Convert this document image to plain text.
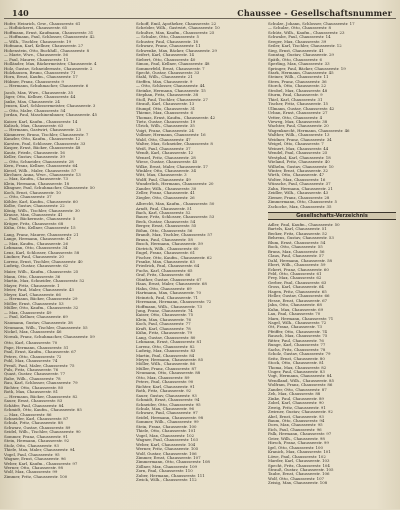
140	Chaussee - Gesellschaftsnummer
Hofer, Heinrich, Gew., Chausseestr. 61
— Hofbäckerei, Chausseestr. 65
Hoffmann, Ernst, Kaufmann, Chausseestr. 31
— Hoffmann, Paul, Schlosser, Chausseestr. 42
— Wilh., Tischler, Chausseestr. 19
Hofmann, Karl, Kellner, Chausseestr. 27
Hohenstein, Otto, Buchhdl., Chausseestr. 8
— Marie, Wwe., Chausseestr. 56
— Paul, Maurer, Chausseestr. 11
Holländer, Max, Bäckermeister, Chausseestr. 4
Holz, Gustav, Schneidermstr., Chausseestr. 2
Holzhausen, Bruno, Chausseestr. 71
Horn, Ernst, Kaufm., Chausseestr. 17
Hübner, Franz, Chausseestr. 9
— Hermann, Schuhmacher, Chausseestr. 6
Jacob, Max, Wwe., Chausseestr. 35
Jäger, Otto, Kellner, Chausseestr. 44
Janke, Max, Chausseestr. 24
Jensen, Karl, Schlossermeister, Chausseestr. 3
— Otto, Maler, Chausseestr. 54
Jordan, Paul, Maschinenbauer, Chausseestr. 45
Kaiser, Karl, Kaufm., Chausseestr. 14
Kalisch, Max, Chausseestr. 63
— Hermann, Gastwirt, Chausseestr. 23
Kämmerer, Bruno, Tischler, Chausseestr. 7
Kanzler, Otto, Kaufm., Chausseestr. 12
Karsten, Paul, Schlosser, Chausseestr. 33
Kasper, Ernst, Bäcker, Chausseestr. 48
Kautz, Friedr., Chausseestr. 16
Keller, Gustav, Chausseestr. 39
— Otto, Schneider, Chausseestr. 28
Kern, Franz, Kellner, Chausseestr. 64
Kiesel, Wilh., Maler, Chausseestr. 57
Kirchner, Anna, Wwe., Chausseestr. 13
— Max, Kaufm., Chausseestr. 73
Klein, Hermann, Chausseestr. 18
Klingner, Paul, Schuhmacher, Chausseestr. 50
Koch, Ernst, Chausseestr. 10
— Otto, Chausseestr. 37
Köhler, Karl, Kaufm., Chausseestr. 60
Kolbe, Gustav, Chausseestr. 22
König, Wilh., Tischler, Chausseestr. 30
Krause, Max, Chausseestr. 41
— Paul, Bäckermstr., Chausseestr. 5
Krüger, Fritz, Chausseestr. 68
Kühn, Otto, Kellner, Chausseestr. 15
Lang, Franz, Maurer, Chausseestr. 21
Lange, Hermann, Chausseestr. 47
— Max, Kaufm., Chausseestr. 26
Lehmann, Otto, Chausseestr. 34
Lenz, Karl, Schlosser, Chausseestr. 58
Lindner, Paul, Chausseestr. 20
Lorenz, Ernst, Tischler, Chausseestr. 40
Ludwig, Gustav, Chausseestr. 62
Maier, Wilh., Kaufm., Chausseestr. 25
Mann, Otto, Chausseestr. 36
Martin, Max, Schneider, Chausseestr. 52
Mayer, Fritz, Chausseestr. 1
Meier, Paul, Maler, Chausseestr. 43
Meyer, Karl, Chausseestr. 66
— Hermann, Bäcker, Chausseestr. 29
Möller, Ernst, Chausseestr. 53
Müller, Otto, Kaufm., Chausseestr. 32
— Max, Chausseestr. 49
— Paul, Kellner, Chausseestr. 69
Naumann, Gustav, Chausseestr. 38
Neumann, Wilh., Tischler, Chausseestr. 55
Nickel, Max, Chausseestr. 46
Nowak, Franz, Schuhmacher, Chausseestr. 59
Otto, Karl, Chausseestr. 70
Pape, Hermann, Chausseestr. 51
Paul, Ernst, Kaufm., Chausseestr. 67
Peters, Otto, Chausseestr. 72
Pohl, Max, Chausseestr. 74
Preuß, Paul, Maler, Chausseestr. 75
Puls, Fritz, Chausseestr. 76
Quast, Gustav, Chausseestr. 77
Rabe, Wilh., Chausseestr. 78
Rau, Karl, Schlosser, Chausseestr. 79
Richter, Otto, Chausseestr. 80
Roth, Max, Chausseestr. 81
— Hermann, Bäcker, Chausseestr. 82
Sauer, Ernst, Chausseestr. 83
Schäfer, Paul, Chausseestr. 84
Schmidt, Otto, Kaufm., Chausseestr. 85
— Max, Chausseestr. 86
Schneider, Karl, Chausseestr. 87
Schulz, Fritz, Chausseestr. 88
Schwarz, Gustav, Chausseestr. 89
Seidel, Wilh., Tischler, Chausseestr. 90
Sommer, Franz, Chausseestr. 91
Stein, Hermann, Chausseestr. 92
Stolz, Otto, Chausseestr. 93
Thiele, Max, Maler, Chausseestr. 94
Vogel, Paul, Chausseestr. 95
Wagner, Ernst, Chausseestr. 96
Weber, Karl, Kaufm., Chausseestr. 97
Werner, Otto, Chausseestr. 98
Wolf, Max, Chausseestr. 99
Zimmer, Fritz, Chausseestr. 100
Schoff, Emil, Apotheker, Chausseestr. 22
Schröder, Wilh., Gastwirt, Chausseestr. 10
Schultze, Max, Kaufm., Chausseestr. 25
— Schulze, Otto, Chausseestr. 5
Schuster, Paul, Chausseestr. 18
Schwarz, Franz, Chausseestr. 11
Schwenke, Max, Bäcker, Chausseestr. 29
Seifert, Karl, Chausseestr. 14
Siebert, Otto, Chausseestr. 40
Simon, Paul, Kellner, Chausseestr. 48
Sommerfeld, Ernst, Chausseestr. 7
Specht, Gustav, Chausseestr. 33
Stahl, Wilh., Chausseestr. 21
Steffen, Max, Chausseestr. 9
— Otto, Schlosser, Chausseestr. 44
Steinke, Hermann, Chausseestr. 15
Stephan, Fritz, Chausseestr. 38
Stoll, Paul, Tischler, Chausseestr. 27
Strauß, Karl, Chausseestr. 13
Stumpf, Otto, Chausseestr. 31
Thieme, Max, Chausseestr. 6
Thomas, Ernst, Kaufm., Chausseestr. 42
Tietz, Gustav, Chausseestr. 19
Ulrich, Wilh., Chausseestr. 35
Voigt, Franz, Chausseestr. 24
Vollmer, Hermann, Chausseestr. 16
Wald, Otto, Chausseestr. 47
Walter, Max, Schneider, Chausseestr. 8
Weiß, Paul, Chausseestr. 37
Wendt, Karl, Chausseestr. 12
Wenzel, Fritz, Chausseestr. 28
Wiese, Gustav, Chausseestr. 45
Wilke, Ernst, Maler, Chausseestr. 17
Winkler, Otto, Chausseestr. 34
Witt, Max, Chausseestr. 3
Wolff, Paul, Chausseestr. 49
Wunderlich, Hermann, Chausseestr. 20
Zander, Wilh., Chausseestr. 30
Zeller, Franz, Chausseestr. 41
Ziegler, Otto, Chausseestr. 26
Albrecht, Max, Kaufm., Chausseestr. 50
Arndt, Paul, Chausseestr. 51
Bach, Karl, Chausseestr. 52
Bauer, Fritz, Schlosser, Chausseestr. 53
Beck, Gustav, Chausseestr. 54
Berger, Ernst, Chausseestr. 55
Böhm, Otto, Chausseestr. 56
Brandt, Max, Tischler, Chausseestr. 57
Braun, Paul, Chausseestr. 58
Busch, Hermann, Chausseestr. 59
Dietrich, Wilh., Chausseestr. 60
Engel, Franz, Chausseestr. 61
Fischer, Otto, Kaufm., Chausseestr. 62
Franke, Max, Chausseestr. 63
Friedrich, Paul, Chausseestr. 64
Fuchs, Karl, Chausseestr. 65
Graf, Fritz, Chausseestr. 66
Günther, Gustav, Chausseestr. 67
Haas, Ernst, Maler, Chausseestr. 68
Hahn, Otto, Chausseestr. 69
Hartmann, Max, Chausseestr. 70
Heinrich, Paul, Chausseestr. 71
Herrmann, Hermann, Chausseestr. 72
Hoffmann, Wilh., Chausseestr. 73
Jung, Franz, Chausseestr. 74
Kaiser, Otto, Chausseestr. 75
Klein, Max, Chausseestr. 76
Koch, Paul, Chausseestr. 77
Kraft, Karl, Chausseestr. 78
Kühn, Fritz, Chausseestr. 79
Lang, Gustav, Chausseestr. 80
Lehmann, Ernst, Chausseestr. 81
Lorenz, Otto, Chausseestr. 82
Ludwig, Max, Chausseestr. 83
Martin, Paul, Chausseestr. 84
Meyer, Hermann, Chausseestr. 85
Möller, Wilh., Chausseestr. 86
Müller, Franz, Chausseestr. 87
Neumann, Otto, Chausseestr. 88
Otto, Max, Chausseestr. 89
Peters, Paul, Chausseestr. 90
Richter, Karl, Chausseestr. 91
Roth, Fritz, Chausseestr. 92
Sauer, Gustav, Chausseestr. 93
Schmidt, Ernst, Chausseestr. 94
Schneider, Otto, Chausseestr. 95
Schulz, Max, Chausseestr. 96
Schwarz, Paul, Chausseestr. 97
Seidel, Hermann, Chausseestr. 98
Sommer, Wilh., Chausseestr. 99
Stein, Franz, Chausseestr. 100
Thiele, Otto, Chausseestr. 101
Vogel, Max, Chausseestr. 102
Wagner, Paul, Chausseestr. 103
Weber, Karl, Chausseestr. 104
Werner, Fritz, Chausseestr. 105
Wolf, Gustav, Chausseestr. 106
Zimmer, Ernst, Chausseestr. 107
Zimmermann, Otto, Chausseestr. 108
Zöllner, Max, Chausseestr. 109
Zorn, Paul, Chausseestr. 110
Zuber, Hermann, Chausseestr. 111
Zwick, Wilh., Chausseestr. 112
Schulze, Johann, Schlosser, Chausseestr. 17
— Schulze, Otto, Chausseestr. 8
Schütz, Wilh., Kaufm., Chausseestr. 23
Schwabe, Paul, Chausseestr. 14
Seeger, Max, Chausseestr. 39
Seiler, Karl, Tischler, Chausseestr. 12
Sieg, Ernst, Chausseestr. 41
Sonntag, Gustav, Chausseestr. 29
Späth, Otto, Chausseestr. 6
Sperling, Max, Chausseestr. 33
Springer, Paul, Bäcker, Chausseestr. 19
Stark, Hermann, Chausseestr. 45
Steiner, Wilh., Chausseestr. 11
Stern, Franz, Chausseestr. 36
Storch, Otto, Chausseestr. 22
Strobel, Max, Chausseestr. 48
Sturm, Paul, Chausseestr. 9
Thiel, Karl, Chausseestr. 31
Tischer, Fritz, Chausseestr. 15
Ullmann, Gustav, Chausseestr. 42
Urban, Ernst, Chausseestr. 27
Vetter, Otto, Chausseestr. 4
Vieweg, Max, Chausseestr. 38
Wachter, Paul, Chausseestr. 20
Wagenknecht, Hermann, Chausseestr. 46
Walther, Wilh., Chausseestr. 13
Weidner, Franz, Chausseestr. 34
Weigel, Otto, Chausseestr. 7
Weinert, Max, Chausseestr. 44
Wendel, Paul, Chausseestr. 25
Westphal, Karl, Chausseestr. 18
Wieland, Fritz, Chausseestr. 40
Wilhelm, Gustav, Chausseestr. 10
Winter, Ernst, Chausseestr. 32
Wirth, Otto, Chausseestr. 47
Wolter, Max, Chausseestr. 16
Wünsche, Paul, Chausseestr. 37
Zahn, Hermann, Chausseestr. 21
Zeidler, Wilh., Chausseestr. 43
Ziemer, Franz, Chausseestr. 28
Zimmermann, Otto, Chausseestr. 5
Zschoche, Max, Chausseestr. 35
Gesellschafts-Verzeichnis
Adler, Paul, Kaufm., Chausseestr. 50
Bartels, Karl, Chausseestr. 51
Becker, Fritz, Chausseestr. 52
Behrens, Gustav, Chausseestr. 53
Blum, Ernst, Chausseestr. 54
Bock, Otto, Chausseestr. 55
Bruns, Max, Chausseestr. 56
Claus, Paul, Chausseestr. 57
Dahl, Hermann, Chausseestr. 58
Ebert, Wilh., Chausseestr. 59
Eckert, Franz, Chausseestr. 60
Feld, Otto, Chausseestr. 61
Frey, Max, Chausseestr. 62
Gerber, Paul, Chausseestr. 63
Gross, Karl, Chausseestr. 64
Hagen, Fritz, Chausseestr. 65
Heller, Gustav, Chausseestr. 66
Hesse, Ernst, Chausseestr. 67
Jahn, Otto, Chausseestr. 68
Kuhn, Max, Chausseestr. 69
Lau, Paul, Chausseestr. 70
Marx, Hermann, Chausseestr. 71
Nagel, Wilh., Chausseestr. 72
Ott, Franz, Chausseestr. 73
Pfeiffer, Otto, Chausseestr. 74
Rausch, Max, Chausseestr. 75
Ritter, Paul, Chausseestr. 76
Runge, Karl, Chausseestr. 77
Sachs, Fritz, Chausseestr. 78
Scholz, Gustav, Chausseestr. 79
Seitz, Ernst, Chausseestr. 80
Stock, Otto, Chausseestr. 81
Thoma, Max, Chausseestr. 82
Unger, Paul, Chausseestr. 83
Vogt, Hermann, Chausseestr. 84
Wendland, Wilh., Chausseestr. 85
Wolfram, Franz, Chausseestr. 86
Zander, Otto, Chausseestr. 87
Zeh, Max, Chausseestr. 88
Zinke, Paul, Chausseestr. 89
Zobel, Karl, Chausseestr. 90
Zweig, Fritz, Chausseestr. 91
Zwirner, Gustav, Chausseestr. 92
Abel, Ernst, Chausseestr. 93
Baum, Otto, Chausseestr. 94
Dorn, Max, Chausseestr. 95
Eich, Paul, Chausseestr. 96
Falk, Hermann, Chausseestr. 97
Geier, Wilh., Chausseestr. 98
Hirsch, Franz, Chausseestr. 99
Igel, Otto, Chausseestr. 100
Kranich, Max, Chausseestr. 101
Löwe, Paul, Chausseestr. 102
Marder, Karl, Chausseestr. 103
Specht, Fritz, Chausseestr. 104
Strauß, Gustav, Chausseestr. 105
Taube, Ernst, Chausseestr. 106
Wolf, Otto, Chausseestr. 107
Zeisig, Max, Chausseestr. 108
